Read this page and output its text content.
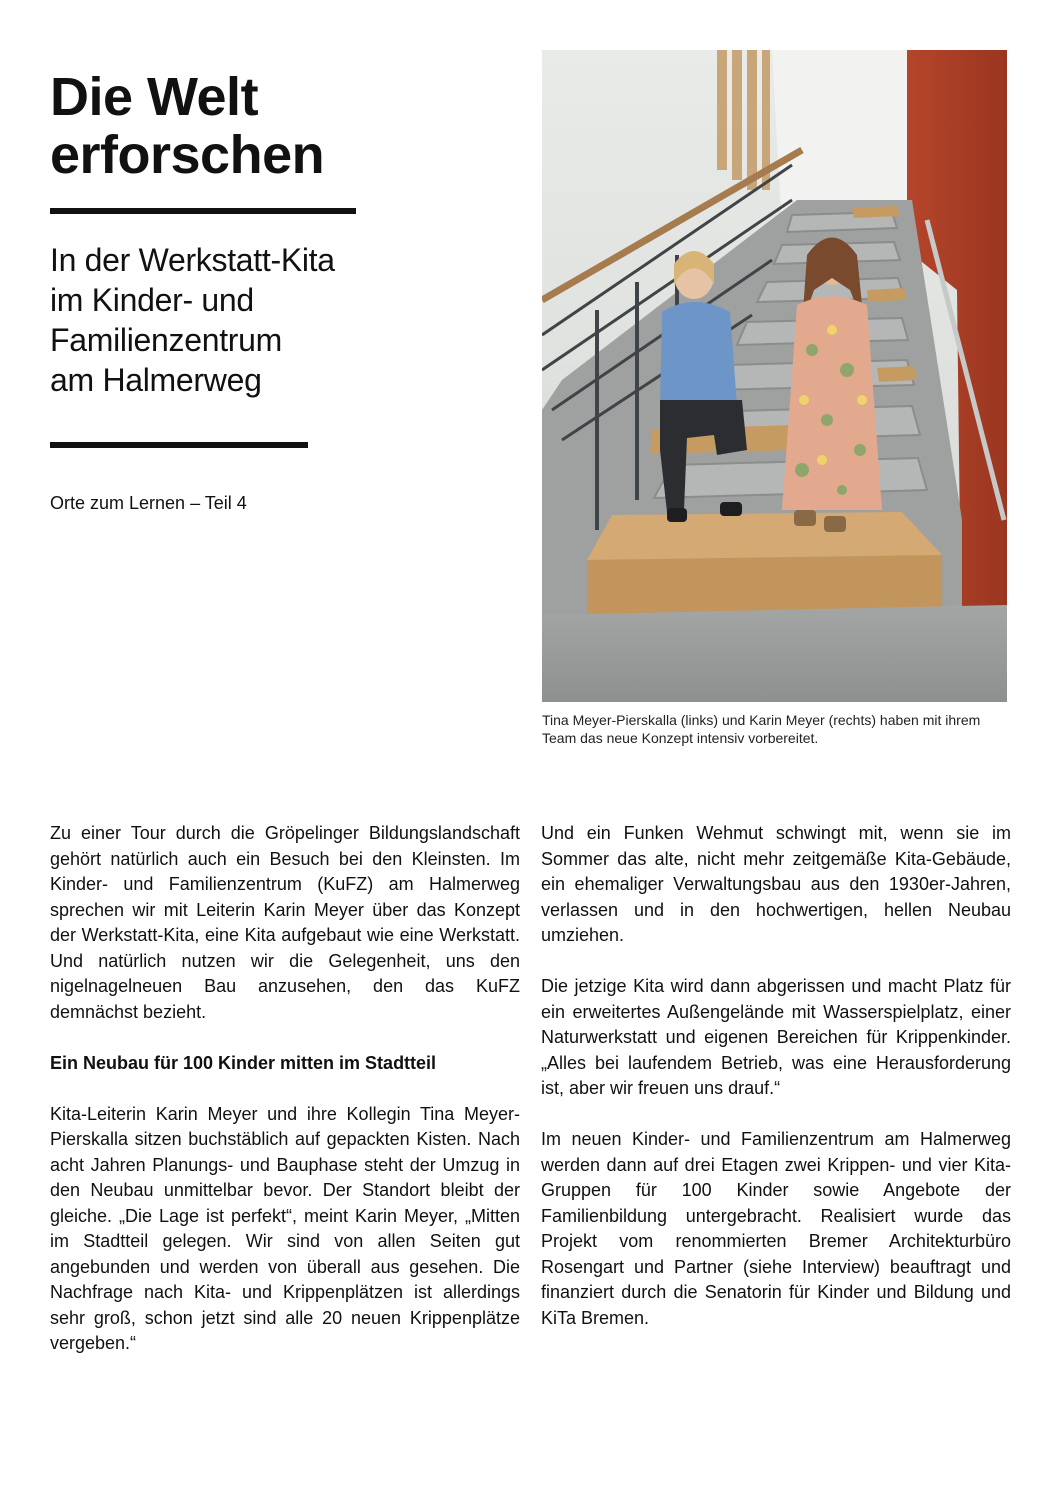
Die Welt
erforschen
In der Werkstatt-Kita
im Kinder- und
Familienzentrum
am Halmerweg
Orte zum Lernen – Teil 4

Tina Meyer-Pierskalla (links) und Karin Meyer (rechts) haben mit ihrem Team das neue Konzept intensiv vorbereitet.

Zu einer Tour durch die Gröpelinger Bildungslandschaft gehört natürlich auch ein Besuch bei den Kleinsten. Im Kinder- und Familienzentrum (KuFZ) am Halmerweg sprechen wir mit Leiterin Karin Meyer über das Konzept der Werkstatt-Kita, eine Kita aufgebaut wie eine Werkstatt. Und natürlich nutzen wir die Gelegenheit, uns den nigelnagelneuen Bau anzusehen, den das KuFZ demnächst bezieht.

Ein Neubau für 100 Kinder mitten im Stadtteil

Kita-Leiterin Karin Meyer und ihre Kollegin Tina Meyer-Pierskalla sitzen buchstäblich auf gepackten Kisten. Nach acht Jahren Planungs- und Bauphase steht der Umzug in den Neubau unmittelbar bevor. Der Standort bleibt der gleiche. „Die Lage ist perfekt“, meint Karin Meyer, „Mitten im Stadtteil gelegen. Wir sind von allen Seiten gut angebunden und werden von überall aus gesehen. Die Nachfrage nach Kita- und Krippenplätzen ist allerdings sehr groß, schon jetzt sind alle 20 neuen Krippenplätze vergeben.“

Und ein Funken Wehmut schwingt mit, wenn sie im Sommer das alte, nicht mehr zeitgemäße Kita-Gebäude, ein ehemaliger Verwaltungsbau aus den 1930er-Jahren, verlassen und in den hochwertigen, hellen Neubau umziehen.

Die jetzige Kita wird dann abgerissen und macht Platz für ein erweitertes Außengelände mit Wasserspielplatz, einer Naturwerkstatt und eigenen Bereichen für Krippenkinder. „Alles bei laufendem Betrieb, was eine Herausforderung ist, aber wir freuen uns drauf.“

Im neuen Kinder- und Familienzentrum am Halmerweg werden dann auf drei Etagen zwei Krippen- und vier Kita-Gruppen für 100 Kinder sowie Angebote der Familienbildung untergebracht. Realisiert wurde das Projekt vom renommierten Bremer Architekturbüro Rosengart und Partner (siehe Interview) beauftragt und finanziert durch die Senatorin für Kinder und Bildung und KiTa Bremen.
